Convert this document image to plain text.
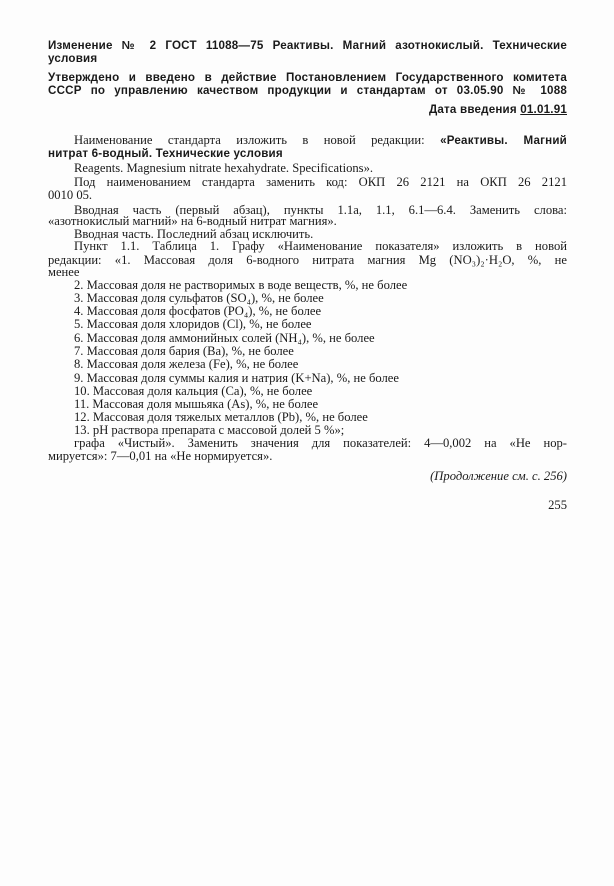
Изменение № 2 ГОСТ 11088—75 Реактивы. Магний азотнокислый. Технические
условия
Утверждено и введено в действие Постановлением Государственного комитета
СССР по управлению качеством продукции и стандартам от 03.05.90 № 1088
Дата введения 01.01.91
Наименование стандарта изложить в новой редакции: «Реактивы. Магний
нитрат 6-водный. Технические условия
Reagents. Magnesium nitrate hexahydrate. Specifications».
Под наименованием стандарта заменить код: ОКП 26 2121 на ОКП 26 2121
0010 05.
Вводная часть (первый абзац), пункты 1.1а, 1.1, 6.1—6.4. Заменить слова:
«азотнокислый магний» на 6-водный нитрат магния».
Вводная часть. Последний абзац исключить.
Пункт 1.1. Таблица 1. Графу «Наименование показателя» изложить в новой
редакции: «1. Массовая доля 6-водного нитрата магния Mg (NO₃)₂·H₂O, %, не
менее
2. Массовая доля не растворимых в воде веществ, %, не более
3. Массовая доля сульфатов (SO₄), %, не более
4. Массовая доля фосфатов (PO₄), %, не более
5. Массовая доля хлоридов (Cl), %, не более
6. Массовая доля аммонийных солей (NH₄), %, не более
7. Массовая доля бария (Ba), %, не более
8. Массовая доля железа (Fe), %, не более
9. Массовая доля суммы калия и натрия (K+Na), %, не более
10. Массовая доля кальция (Ca), %, не более
11. Массовая доля мышьяка (As), %, не более
12. Массовая доля тяжелых металлов (Pb), %, не более
13. pH раствора препарата с массовой долей 5 %»;
графа «Чистый». Заменить значения для показателей: 4—0,002 на «Не нор-
мируется»: 7—0,01 на «Не нормируется».
(Продолжение см. с. 256)
255
